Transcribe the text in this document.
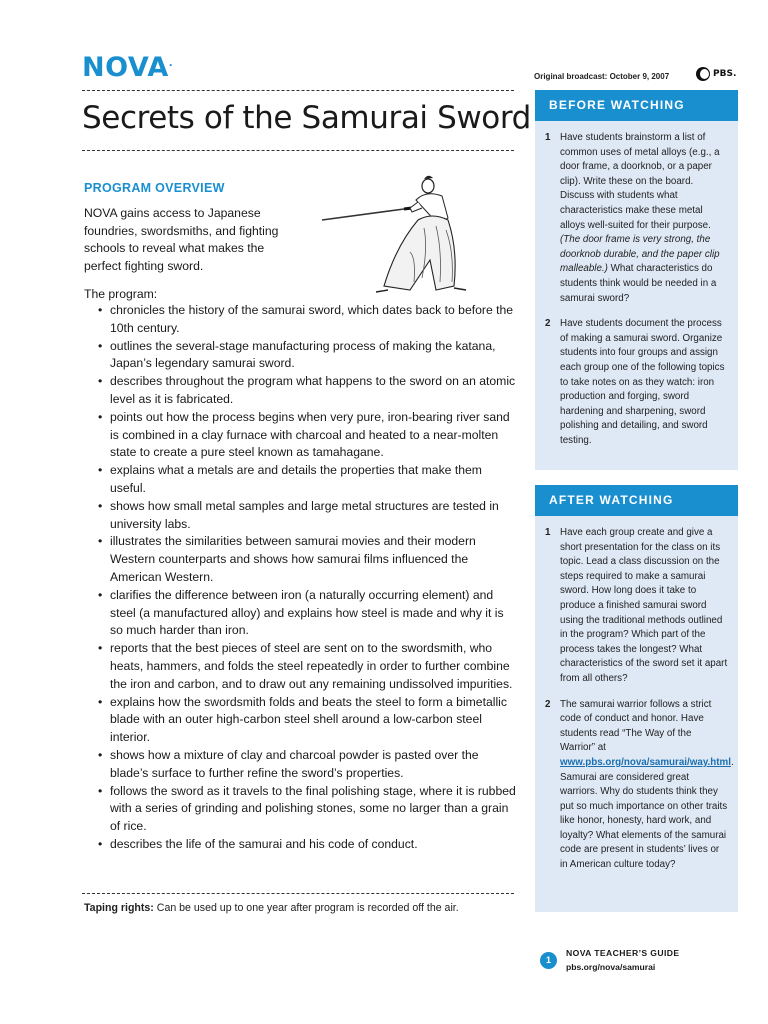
NOVA.
Original broadcast: October 9, 2007	PBS.
Secrets of the Samurai Sword
PROGRAM OVERVIEW

NOVA gains access to Japanese foundries, swordsmiths, and fighting schools to reveal what makes the perfect fighting sword.

The program:
• chronicles the history of the samurai sword, which dates back to before the 10th century.
• outlines the several-stage manufacturing process of making the katana, Japan’s legendary samurai sword.
• describes throughout the program what happens to the sword on an atomic level as it is fabricated.
• points out how the process begins when very pure, iron-bearing river sand is combined in a clay furnace with charcoal and heated to a near-molten state to create a pure steel known as tamahagane.
• explains what a metals are and details the properties that make them useful.
• shows how small metal samples and large metal structures are tested in university labs.
• illustrates the similarities between samurai movies and their modern Western counterparts and shows how samurai films influenced the American Western.
• clarifies the difference between iron (a naturally occurring element) and steel (a manufactured alloy) and explains how steel is made and why it is so much harder than iron.
• reports that the best pieces of steel are sent on to the swordsmith, who heats, hammers, and folds the steel repeatedly in order to further combine the iron and carbon, and to draw out any remaining undissolved impurities.
• explains how the swordsmith folds and beats the steel to form a bimetallic blade with an outer high-carbon steel shell around a low-carbon steel interior.
• shows how a mixture of clay and charcoal powder is pasted over the blade’s surface to further refine the sword’s properties.
• follows the sword as it travels to the final polishing stage, where it is rubbed with a series of grinding and polishing stones, some no larger than a grain of rice.
• describes the life of the samurai and his code of conduct.
Taping rights: Can be used up to one year after program is recorded off the air.
BEFORE WATCHING
1 Have students brainstorm a list of common uses of metal alloys (e.g., a door frame, a doorknob, or a paper clip). Write these on the board. Discuss with students what characteristics make these metal alloys well-suited for their purpose. (The door frame is very strong, the doorknob durable, and the paper clip malleable.) What characteristics do students think would be needed in a samurai sword?
2 Have students document the process of making a samurai sword. Organize students into four groups and assign each group one of the following topics to take notes on as they watch: iron production and forging, sword hardening and sharpening, sword polishing and detailing, and sword testing.
AFTER WATCHING
1 Have each group create and give a short presentation for the class on its topic. Lead a class discussion on the steps required to make a samurai sword. How long does it take to produce a finished samurai sword using the traditional methods outlined in the program? Which part of the process takes the longest? What characteristics of the sword set it apart from all others?
2 The samurai warrior follows a strict code of conduct and honor. Have students read “The Way of the Warrior” at www.pbs.org/nova/samurai/way.html. Samurai are considered great warriors. Why do students think they put so much importance on other traits like honor, honesty, hard work, and loyalty? What elements of the samurai code are present in students’ lives or in American culture today?
1
NOVA TEACHER’S GUIDE
pbs.org/nova/samurai
